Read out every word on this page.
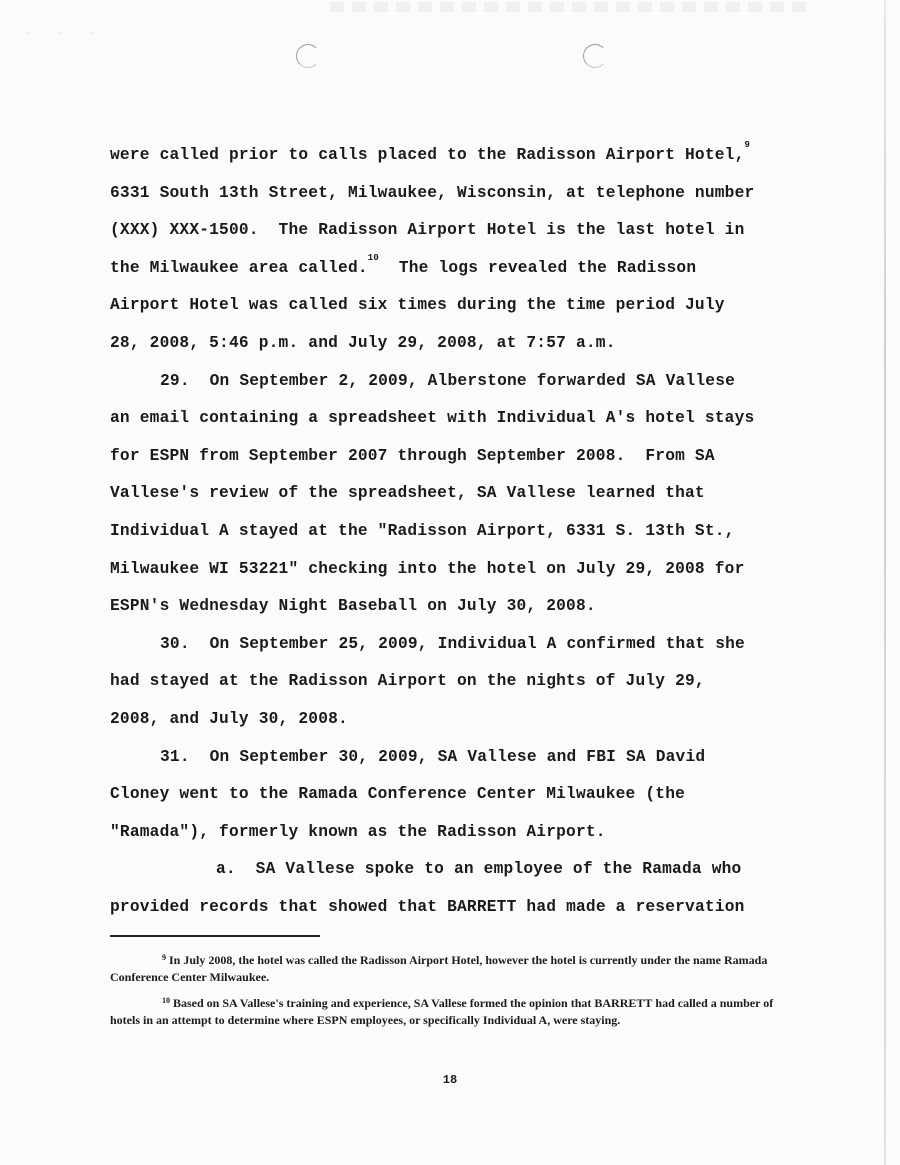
· · ·
were called prior to calls placed to the Radisson Airport Hotel,$^9$
6331 South 13th Street, Milwaukee, Wisconsin, at telephone number
(XXX) XXX-1500.  The Radisson Airport Hotel is the last hotel in
the Milwaukee area called.$^{10}$  The logs revealed the Radisson
Airport Hotel was called six times during the time period July
28, 2008, 5:46 p.m. and July 29, 2008, at 7:57 a.m.
29.  On September 2, 2009, Alberstone forwarded SA Vallese
an email containing a spreadsheet with Individual A's hotel stays
for ESPN from September 2007 through September 2008.  From SA
Vallese's review of the spreadsheet, SA Vallese learned that
Individual A stayed at the "Radisson Airport, 6331 S. 13th St.,
Milwaukee WI 53221" checking into the hotel on July 29, 2008 for
ESPN's Wednesday Night Baseball on July 30, 2008.
30.  On September 25, 2009, Individual A confirmed that she
had stayed at the Radisson Airport on the nights of July 29,
2008, and July 30, 2008.
31.  On September 30, 2009, SA Vallese and FBI SA David
Cloney went to the Ramada Conference Center Milwaukee (the
"Ramada"), formerly known as the Radisson Airport.
a.  SA Vallese spoke to an employee of the Ramada who
provided records that showed that BARRETT had made a reservation

$^9$ In July 2008, the hotel was called the Radisson Airport Hotel, however the hotel is currently under the name Ramada Conference Center Milwaukee.

$^{10}$ Based on SA Vallese's training and experience, SA Vallese formed the opinion that BARRETT had called a number of hotels in an attempt to determine where ESPN employees, or specifically Individual A, were staying.

18
